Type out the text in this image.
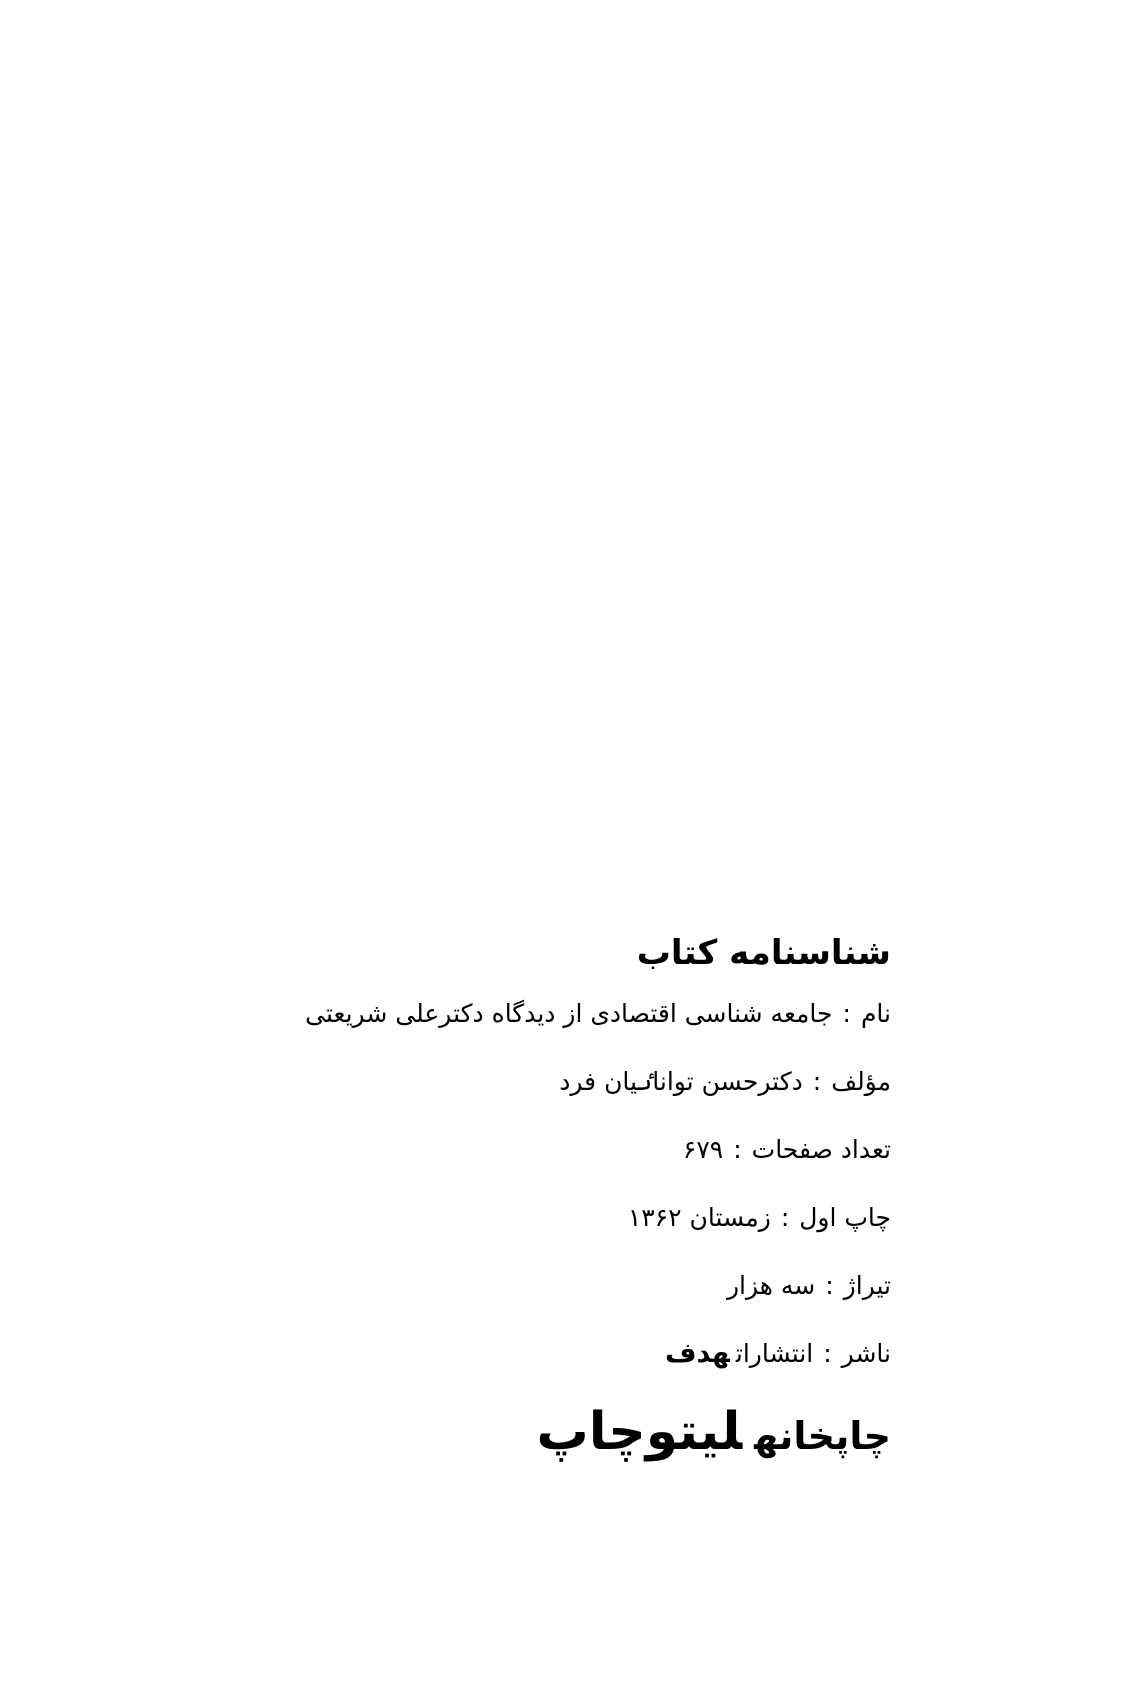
شناسنامه کتاب
نام:جامعه شناسی اقتصادی از دیدگاه دکترعلی شریعتی
مؤلف:دکترحسن تواناٸیان فرد
تعداد صفحات:۶۷۹
چاپ اول:زمستان ۱۳۶۲
تیراژ:سه هزار
ناشر:انتشاراتهدف
چاپخانهلیتوچاپ
